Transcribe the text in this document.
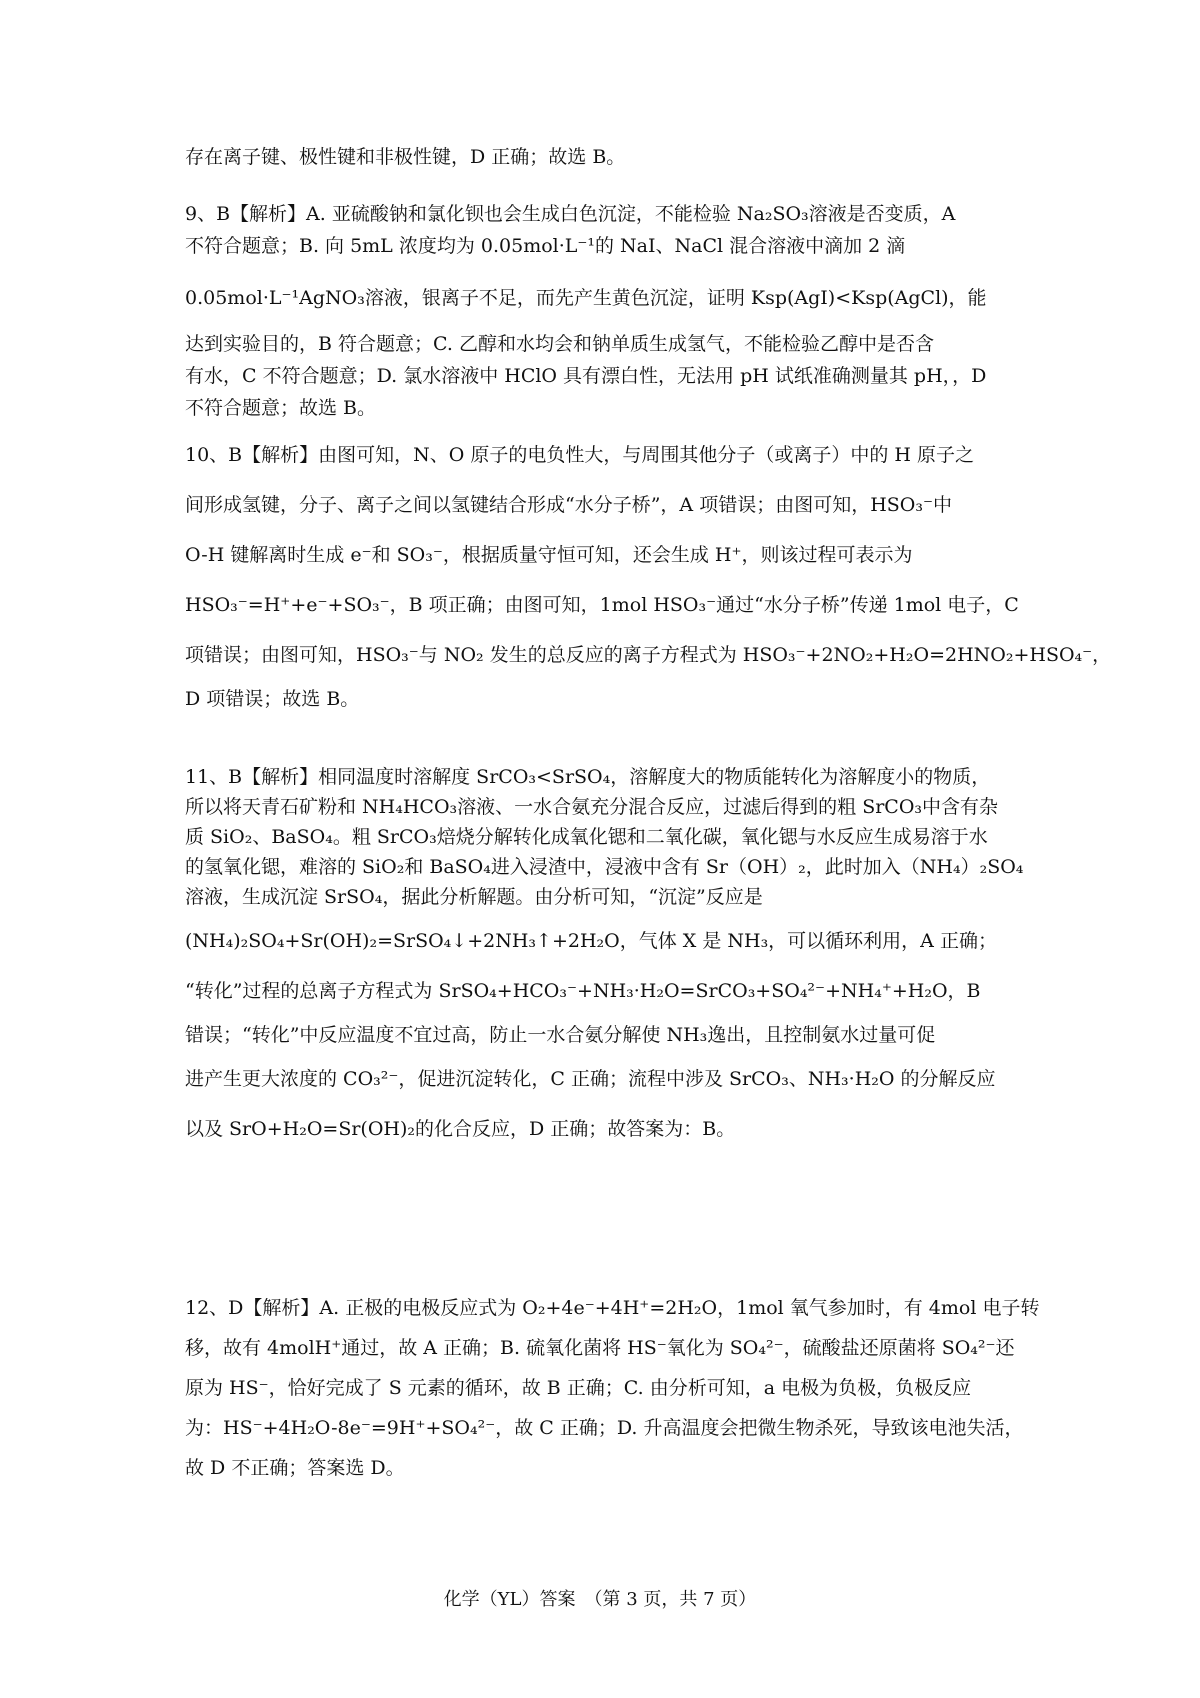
存在离子键、极性键和非极性键，D 正确；故选 B。
9、B【解析】A. 亚硫酸钠和氯化钡也会生成白色沉淀，不能检验 Na₂SO₃溶液是否变质，A
不符合题意；B. 向 5mL 浓度均为 0.05mol·L⁻¹的 NaI、NaCl 混合溶液中滴加 2 滴
0.05mol·L⁻¹AgNO₃溶液，银离子不足，而先产生黄色沉淀，证明 Ksp(AgI)<Ksp(AgCl)，能
达到实验目的，B 符合题意；C. 乙醇和水均会和钠单质生成氢气，不能检验乙醇中是否含
有水，C 不符合题意；D. 氯水溶液中 HClO 具有漂白性，无法用 pH 试纸准确测量其 pH，，D
不符合题意；故选 B。
10、B【解析】由图可知，N、O 原子的电负性大，与周围其他分子（或离子）中的 H 原子之
间形成氢键，分子、离子之间以氢键结合形成“水分子桥”，A 项错误；由图可知，HSO₃⁻中
O-H 键解离时生成 e⁻和 SO₃⁻，根据质量守恒可知，还会生成 H⁺，则该过程可表示为
HSO₃⁻=H⁺+e⁻+SO₃⁻，B 项正确；由图可知，1mol HSO₃⁻通过“水分子桥”传递 1mol 电子，C
项错误；由图可知，HSO₃⁻与 NO₂ 发生的总反应的离子方程式为 HSO₃⁻+2NO₂+H₂O=2HNO₂+HSO₄⁻，
D 项错误；故选 B。
11、B【解析】相同温度时溶解度 SrCO₃<SrSO₄，溶解度大的物质能转化为溶解度小的物质，
所以将天青石矿粉和 NH₄HCO₃溶液、一水合氨充分混合反应，过滤后得到的粗 SrCO₃中含有杂
质 SiO₂、BaSO₄。粗 SrCO₃焙烧分解转化成氧化锶和二氧化碳，氧化锶与水反应生成易溶于水
的氢氧化锶，难溶的 SiO₂和 BaSO₄进入浸渣中，浸液中含有 Sr（OH）₂，此时加入（NH₄）₂SO₄
溶液，生成沉淀 SrSO₄，据此分析解题。由分析可知，“沉淀”反应是
(NH₄)₂SO₄+Sr(OH)₂=SrSO₄↓+2NH₃↑+2H₂O，气体 X 是 NH₃，可以循环利用，A 正确；
“转化”过程的总离子方程式为 SrSO₄+HCO₃⁻+NH₃·H₂O=SrCO₃+SO₄²⁻+NH₄⁺+H₂O，B
错误；“转化”中反应温度不宜过高，防止一水合氨分解使 NH₃逸出，且控制氨水过量可促
进产生更大浓度的 CO₃²⁻，促进沉淀转化，C 正确；流程中涉及 SrCO₃、NH₃·H₂O 的分解反应
以及 SrO+H₂O=Sr(OH)₂的化合反应，D 正确；故答案为：B。
12、D【解析】A. 正极的电极反应式为 O₂+4e⁻+4H⁺=2H₂O，1mol 氧气参加时，有 4mol 电子转
移，故有 4molH⁺通过，故 A 正确；B. 硫氧化菌将 HS⁻氧化为 SO₄²⁻，硫酸盐还原菌将 SO₄²⁻还
原为 HS⁻，恰好完成了 S 元素的循环，故 B 正确；C. 由分析可知，a 电极为负极，负极反应
为：HS⁻+4H₂O-8e⁻=9H⁺+SO₄²⁻，故 C 正确；D. 升高温度会把微生物杀死，导致该电池失活，
故 D 不正确；答案选 D。
化学（YL）答案　（第 3 页，共 7 页）
